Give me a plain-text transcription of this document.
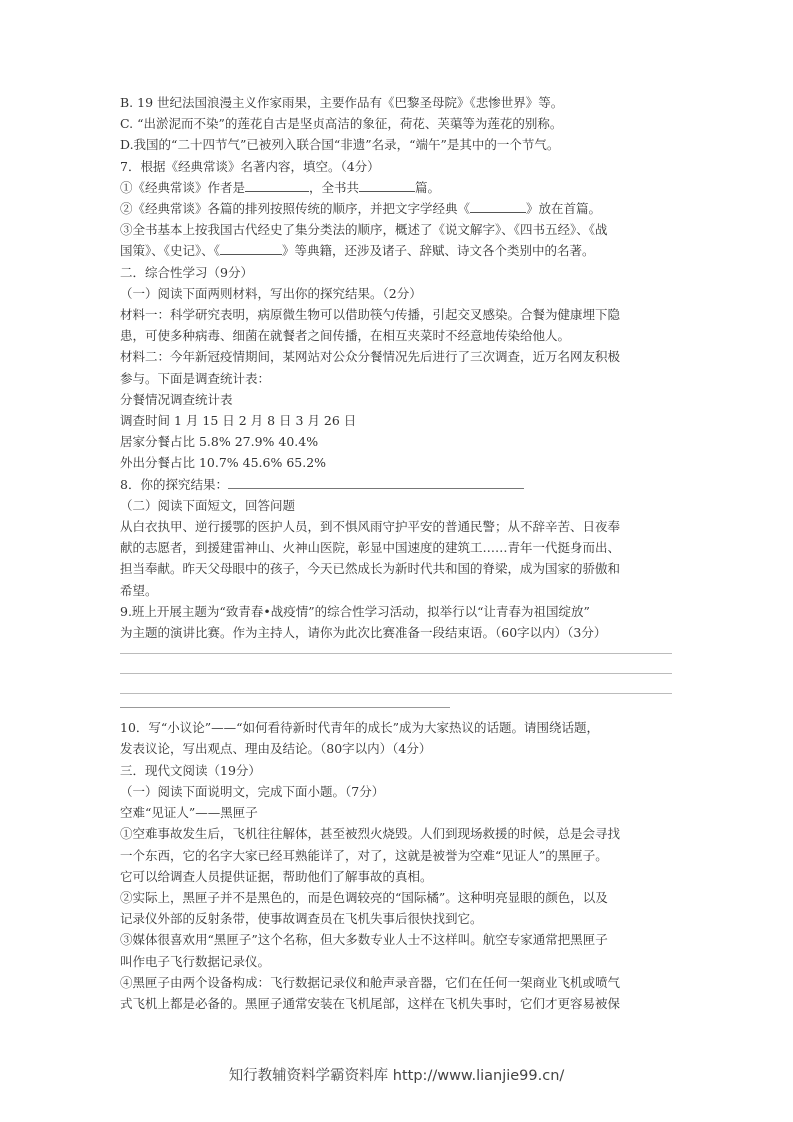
B. 19 世纪法国浪漫主义作家雨果，主要作品有《巴黎圣母院》《悲惨世界》等。
C. “出淤泥而不染”的莲花自古是坚贞高洁的象征，荷花、芙蕖等为莲花的别称。
D.我国的“二十四节气”已被列入联合国“非遗”名录，“端午”是其中的一个节气。
7．根据《经典常谈》名著内容，填空。（4分）
①《经典常谈》作者是	，全书共	篇。
②《经典常谈》各篇的排列按照传统的顺序，并把文字学经典《	》放在首篇。
③全书基本上按我国古代经史了集分类法的顺序，概述了《说文解字》、《四书五经》、《战
国策》、《史记》、《	》等典籍，还涉及诸子、辞赋、诗文各个类别中的名著。
二．综合性学习（9分）
（一）阅读下面两则材料，写出你的探究结果。（2分）
材料一：科学研究表明，病原微生物可以借助筷勺传播，引起交叉感染。合餐为健康埋下隐
患，可使多种病毒、细菌在就餐者之间传播，在相互夹菜时不经意地传染给他人。
材料二：今年新冠疫情期间，某网站对公众分餐情况先后进行了三次调查，近万名网友积极
参与。下面是调查统计表：
分餐情况调查统计表
调查时间 1 月 15 日 2 月 8 日 3 月 26 日
居家分餐占比 5.8% 27.9% 40.4%
外出分餐占比 10.7% 45.6% 65.2%
8．你的探究结果：
（二）阅读下面短文，回答问题
从白衣执甲、逆行援鄂的医护人员，到不惧风雨守护平安的普通民警；从不辞辛苦、日夜奉
献的志愿者，到援建雷神山、火神山医院，彰显中国速度的建筑工……青年一代挺身而出、
担当奉献。昨天父母眼中的孩子，今天已然成长为新时代共和国的脊梁，成为国家的骄傲和
希望。
9.班上开展主题为“致青春•战疫情”的综合性学习活动，拟举行以“让青春为祖国绽放”
为主题的演讲比赛。作为主持人，请你为此次比赛准备一段结束语。（60字以内）（3分）
10．写“小议论”——“如何看待新时代青年的成长”成为大家热议的话题。请围绕话题，
发表议论，写出观点、理由及结论。（80字以内）（4分）
三．现代文阅读（19分）
（一）阅读下面说明文，完成下面小题。（7分）
空难“见证人”——黑匣子
①空难事故发生后，飞机往往解体，甚至被烈火烧毁。人们到现场救援的时候，总是会寻找
一个东西，它的名字大家已经耳熟能详了，对了，这就是被誉为空难“见证人”的黑匣子。
它可以给调查人员提供证据，帮助他们了解事故的真相。
②实际上，黑匣子并不是黑色的，而是色调较亮的“国际橘”。这种明亮显眼的颜色，以及
记录仪外部的反射条带，使事故调查员在飞机失事后很快找到它。
③媒体很喜欢用“黑匣子”这个名称，但大多数专业人士不这样叫。航空专家通常把黑匣子
叫作电子飞行数据记录仪。
④黑匣子由两个设备构成：飞行数据记录仪和舱声录音器，它们在任何一架商业飞机或喷气
式飞机上都是必备的。黑匣子通常安装在飞机尾部，这样在飞机失事时，它们才更容易被保
知行教辅资料学霸资料库 http://www.lianjie99.cn/
